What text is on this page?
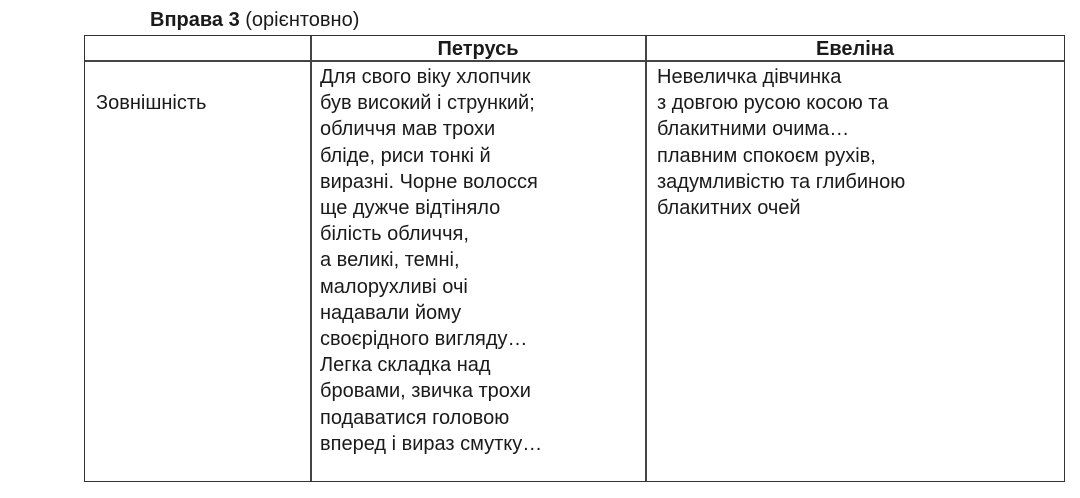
Вправа 3 (орієнтовно)
Петрусь	Евеліна
Зовнішність
Для свого віку хлопчик
був високий і стрункий;
обличчя мав трохи
бліде, риси тонкі й
виразні. Чорне волосся
ще дужче відтіняло
білість обличчя,
а великі, темні,
малорухливі очі
надавали йому
своєрідного вигляду…
Легка складка над
бровами, звичка трохи
подаватися головою
вперед і вираз смутку…
Невеличка дівчинка
з довгою русою косою та
блакитними очима…
плавним спокоєм рухів,
задумливістю та глибиною
блакитних очей
